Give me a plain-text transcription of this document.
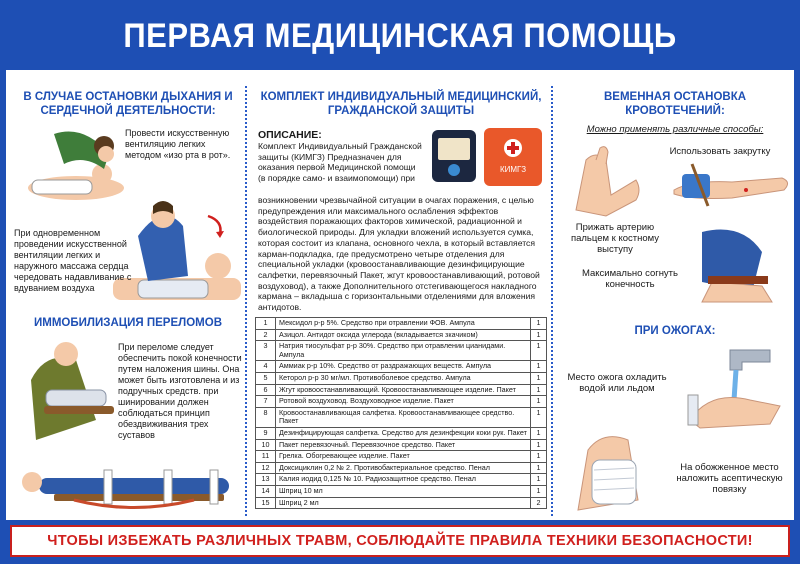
ПЕРВАЯ МЕДИЦИНСКАЯ ПОМОЩЬ
В СЛУЧАЕ ОСТАНОВКИ ДЫХАНИЯ И СЕРДЕЧНОЙ ДЕЯТЕЛЬНОСТИ:
Провести искусственную вентиляцию легких методом «изо рта в рот».
При одновременном проведении искусственной вентиляции легких и наружного массажа сердца чередовать надавливание с вдуванием воздуха
ИММОБИЛИЗАЦИЯ ПЕРЕЛОМОВ
При переломе следует обеспечить покой конечности путем наложения шины. Она может быть изготовлена и из подручных средств. при шинировании должен соблюдаться принцип обездвиживания трех суставов
КОМПЛЕКТ ИНДИВИДУАЛЬНЫЙ МЕДИЦИНСКИЙ, ГРАЖДАНСКОЙ ЗАЩИТЫ
ОПИСАНИЕ:
Комплект Индивидуальный Гражданской защиты (КИМГЗ) Предназначен для оказания первой Медицинской помощи (в порядке само- и взаимопомощи) при
КИМГЗ
возникновении чрезвычайной ситуации в очагах поражения, с целью предупреждения или максимального ослабления эффектов воздействия поражающих факторов химической, радиационной и биологической природы. Для укладки вложений используется сумка, которая состоит из клапана, основного чехла, в который вставляется карман-подкладка, где предусмотрено четыре отделения для специальной укладки (кровоостанавливающие дезинфицирующие салфетки, перевязочный Пакет, жгут кровоостанавливающий, ротовой воздуховод), а также Дополнительного отстегивающегося накладного кармана – вкладыша с горизонтальными отделениями для вложения антидотов.
1	Мексидол р-р 5%. Средство при отравлении ФОВ. Ампула	1
2	Азицол. Антидот оксида углерода (вкладывается зкачиком)	1
3	Натрия тиосульфат р-р 30%. Средство при отравлении цианидами. Ампула	1
4	Аммиак р-р 10%. Средство от раздражающих веществ. Ампула	1
5	Кеторол р-р 30 мг/мл. Противоболевое средство. Ампула	1
6	Жгут кровоостанавливающий. Кровоостанавливающее изделие. Пакет	1
7	Ротовой воздуховод. Воздуховодное изделие. Пакет	1
8	Кровоостанавливающая салфетка. Кровоостанавливающее средство. Пакет	1
9	Дезинфицирующая салфетка. Средство для дезинфекции коки рук. Пакет	1
10	Пакет перевязочный. Перевязочное средство. Пакет	1
11	Грелка. Обогревающее изделие. Пакет	1
12	Доксициклин 0,2 № 2. Противобактериальное средство. Пенал	1
13	Калия иодид 0,125 № 10. Радиозащитное средство. Пенал	1
14	Шприц 10 мл	1
15	Шприц 2 мл	2
ВЕМЕННАЯ ОСТАНОВКА КРОВОТЕЧЕНИЙ:
Можно применять различные способы:
Использовать закрутку
Прижать артерию пальцем к костному выступу
Максимально согнуть конечность
ПРИ ОЖОГАХ:
Место ожога охладить водой или льдом
На обожженное место наложить асептическую повязку
ЧТОБЫ ИЗБЕЖАТЬ РАЗЛИЧНЫХ ТРАВМ, СОБЛЮДАЙТЕ ПРАВИЛА ТЕХНИКИ БЕЗОПАСНОСТИ!
